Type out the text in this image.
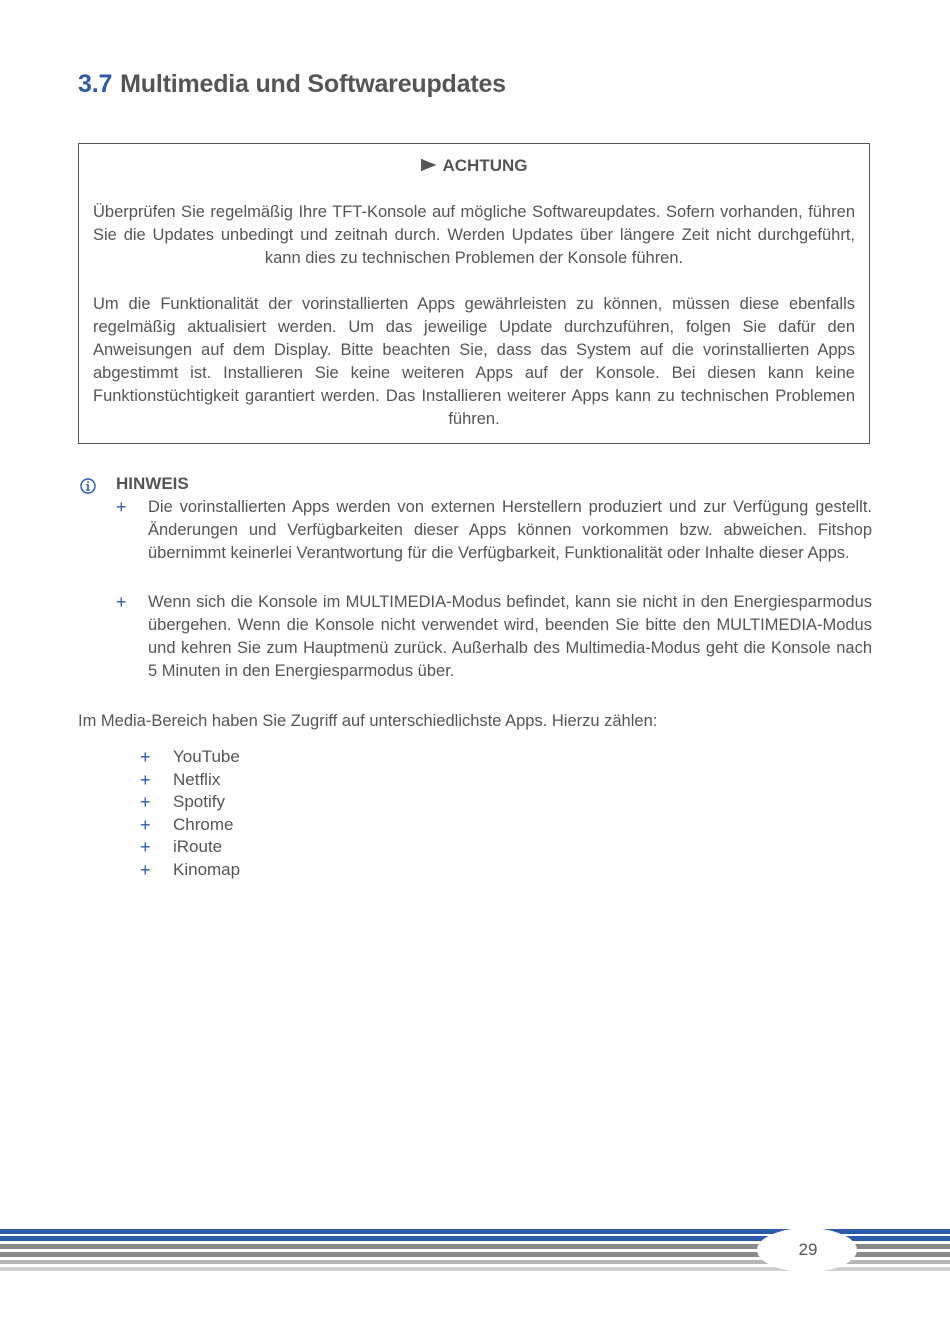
3.7 Multimedia und Softwareupdates
ACHTUNG

Überprüfen Sie regelmäßig Ihre TFT-Konsole auf mögliche Softwareupdates. Sofern vorhanden, führen Sie die Updates unbedingt und zeitnah durch. Werden Updates über längere Zeit nicht durchgeführt, kann dies zu technischen Problemen der Konsole führen.

Um die Funktionalität der vorinstallierten Apps gewährleisten zu können, müssen diese ebenfalls regelmäßig aktualisiert werden. Um das jeweilige Update durchzuführen, folgen Sie dafür den Anweisungen auf dem Display. Bitte beachten Sie, dass das System auf die vorinstallierten Apps abgestimmt ist. Installieren Sie keine weiteren Apps auf der Konsole. Bei diesen kann keine Funktionstüchtigkeit garantiert werden. Das Installieren weiterer Apps kann zu technischen Problemen führen.

HINWEIS
+ Die vorinstallierten Apps werden von externen Herstellern produziert und zur Verfügung gestellt. Änderungen und Verfügbarkeiten dieser Apps können vorkommen bzw. abweichen. Fitshop übernimmt keinerlei Verantwortung für die Verfügbarkeit, Funktionalität oder Inhalte dieser Apps.

+ Wenn sich die Konsole im MULTIMEDIA-Modus befindet, kann sie nicht in den Energiesparmodus übergehen. Wenn die Konsole nicht verwendet wird, beenden Sie bitte den MULTIMEDIA-Modus und kehren Sie zum Hauptmenü zurück. Außerhalb des Multimedia-Modus geht die Konsole nach 5 Minuten in den Energiesparmodus über.

Im Media-Bereich haben Sie Zugriff auf unterschiedlichste Apps. Hierzu zählen:

+ YouTube
+ Netflix
+ Spotify
+ Chrome
+ iRoute
+ Kinomap
29
